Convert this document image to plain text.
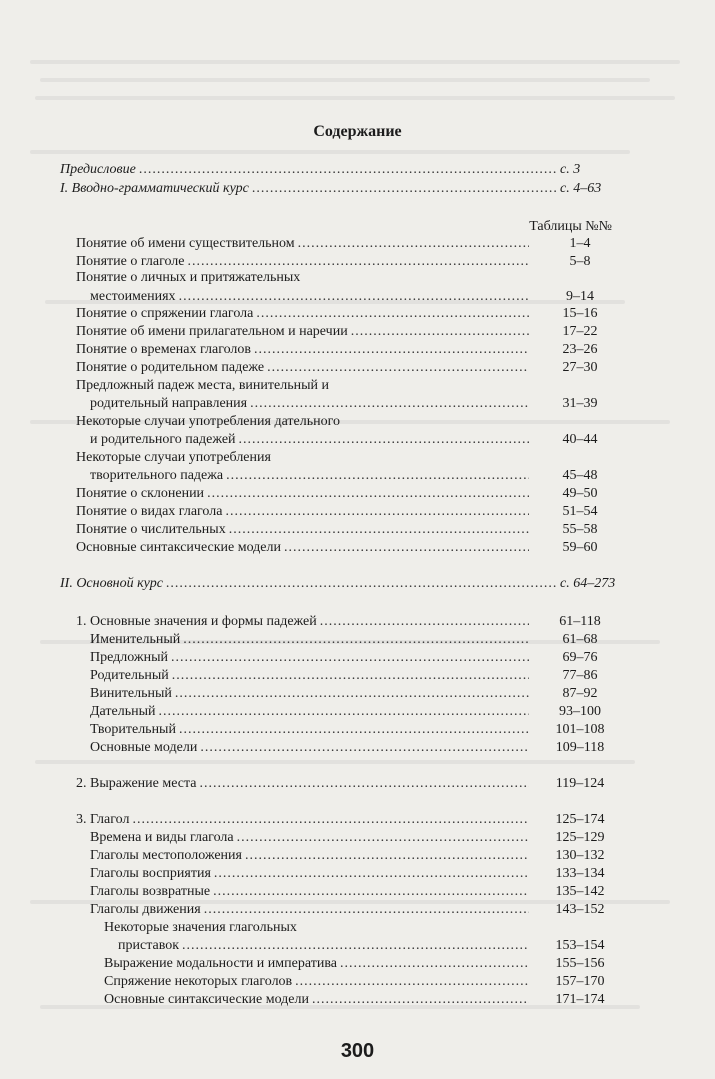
Содержание
Предисловие .....	с. 3
I. Вводно-грамматический курс .....	с. 4–63
Таблицы №№
Понятие об имени существительном .....	1–4
Понятие о глаголе .....	5–8
Понятие о личных и притяжательных
местоимениях .....	9–14
Понятие о спряжении глагола .....	15–16
Понятие об имени прилагательном и наречии .....	17–22
Понятие о временах глаголов .....	23–26
Понятие о родительном падеже .....	27–30
Предложный падеж места, винительный и
родительный направления .....	31–39
Некоторые случаи употребления дательного
и родительного падежей .....	40–44
Некоторые случаи употребления
творительного падежа .....	45–48
Понятие о склонении .....	49–50
Понятие о видах глагола .....	51–54
Понятие о числительных .....	55–58
Основные синтаксические модели .....	59–60
II. Основной курс .....	с. 64–273
1. Основные значения и формы падежей .....	61–118
Именительный .....	61–68
Предложный .....	69–76
Родительный .....	77–86
Винительный .....	87–92
Дательный .....	93–100
Творительный .....	101–108
Основные модели .....	109–118
2. Выражение места .....	119–124
3. Глагол .....	125–174
Времена и виды глагола .....	125–129
Глаголы местоположения .....	130–132
Глаголы восприятия .....	133–134
Глаголы возвратные .....	135–142
Глаголы движения .....	143–152
Некоторые значения глагольных
приставок .....	153–154
Выражение модальности и императива .....	155–156
Спряжение некоторых глаголов .....	157–170
Основные синтаксические модели .....	171–174
300
